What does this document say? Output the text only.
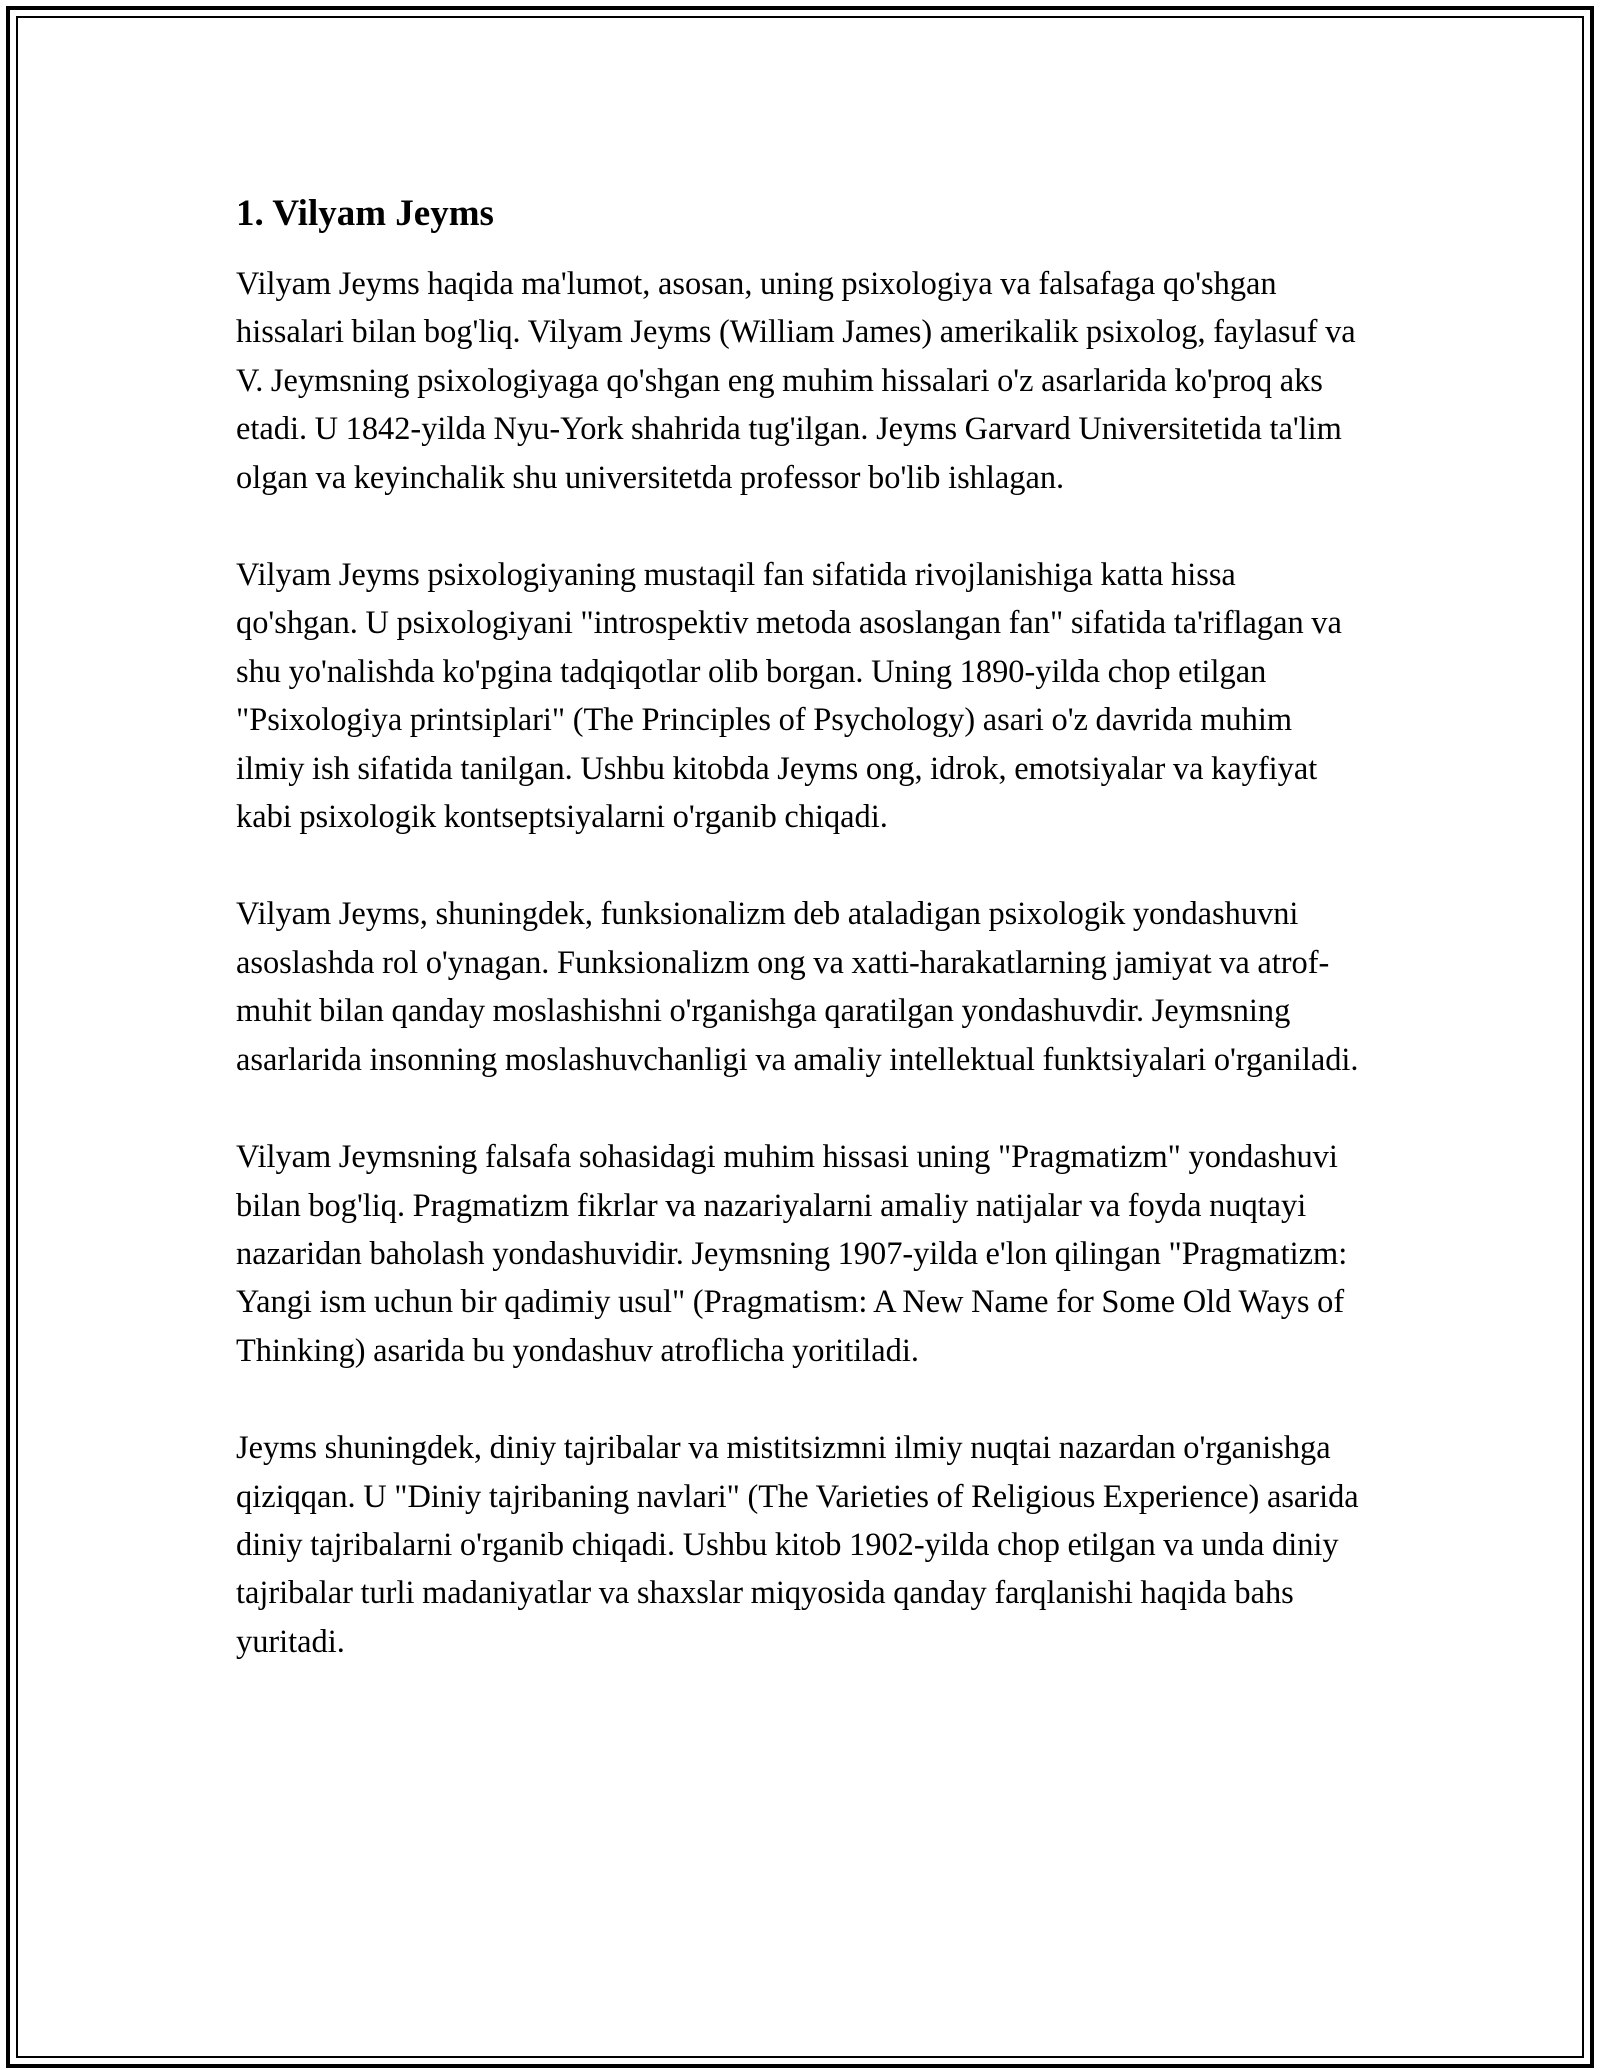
1. Vilyam Jeyms

Vilyam Jeyms haqida ma'lumot, asosan, uning psixologiya va falsafaga qo'shgan hissalari bilan bog'liq. Vilyam Jeyms (William James) amerikalik psixolog, faylasuf va V. Jeymsning psixologiyaga qo'shgan eng muhim hissalari o'z asarlarida ko'proq aks etadi. U 1842-yilda Nyu-York shahrida tug'ilgan. Jeyms Garvard Universitetida ta'lim olgan va keyinchalik shu universitetda professor bo'lib ishlagan.

Vilyam Jeyms psixologiyaning mustaqil fan sifatida rivojlanishiga katta hissa qo'shgan. U psixologiyani "introspektiv metoda asoslangan fan" sifatida ta'riflagan va shu yo'nalishda ko'pgina tadqiqotlar olib borgan. Uning 1890-yilda chop etilgan "Psixologiya printsiplari" (The Principles of Psychology) asari o'z davrida muhim ilmiy ish sifatida tanilgan. Ushbu kitobda Jeyms ong, idrok, emotsiyalar va kayfiyat kabi psixologik kontseptsiyalarni o'rganib chiqadi.

Vilyam Jeyms, shuningdek, funksionalizm deb ataladigan psixologik yondashuvni asoslashda rol o'ynagan. Funksionalizm ong va xatti-harakatlarning jamiyat va atrof-muhit bilan qanday moslashishni o'rganishga qaratilgan yondashuvdir. Jeymsning asarlarida insonning moslashuvchanligi va amaliy intellektual funktsiyalari o'rganiladi.

Vilyam Jeymsning falsafa sohasidagi muhim hissasi uning "Pragmatizm" yondashuvi bilan bog'liq. Pragmatizm fikrlar va nazariyalarni amaliy natijalar va foyda nuqtayi nazaridan baholash yondashuvidir. Jeymsning 1907-yilda e'lon qilingan "Pragmatizm: Yangi ism uchun bir qadimiy usul" (Pragmatism: A New Name for Some Old Ways of Thinking) asarida bu yondashuv atroflicha yoritiladi.

Jeyms shuningdek, diniy tajribalar va mistitsizmni ilmiy nuqtai nazardan o'rganishga qiziqqan. U "Diniy tajribaning navlari" (The Varieties of Religious Experience) asarida diniy tajribalarni o'rganib chiqadi. Ushbu kitob 1902-yilda chop etilgan va unda diniy tajribalar turli madaniyatlar va shaxslar miqyosida qanday farqlanishi haqida bahs yuritadi.
